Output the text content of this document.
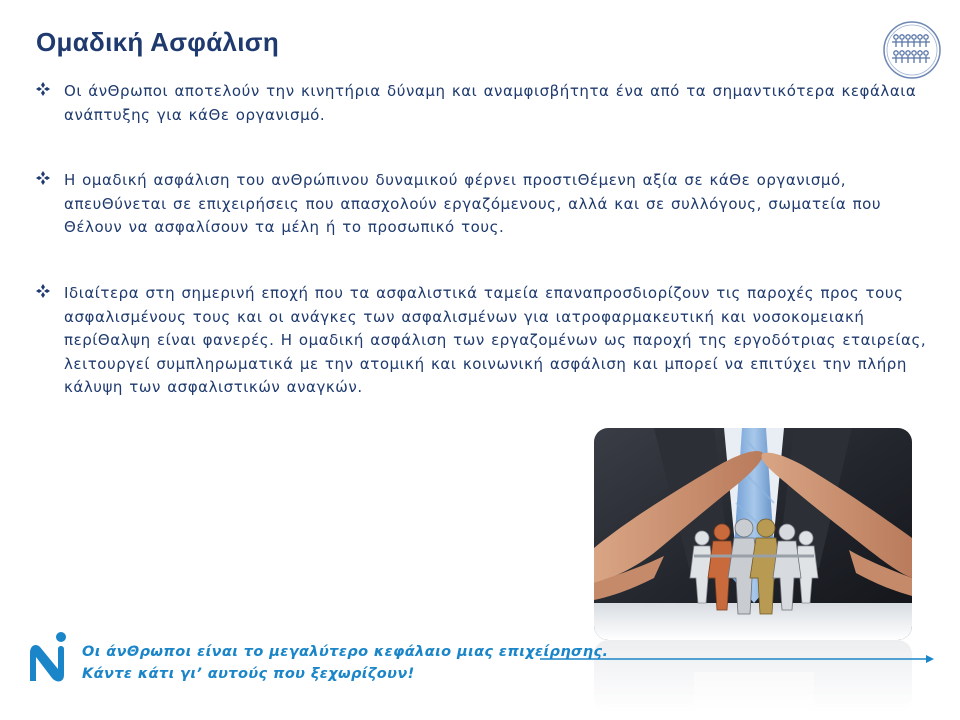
Ομαδική Ασφάλιση

Οι άνΘρωποι αποτελούν την κινητήρια δύναμη και αναμφισβήτητα ένα από τα σημαντικότερα κεφάλαια ανάπτυξης για κάΘε οργανισμό.

Η ομαδική ασφάλιση του ανΘρώπινου δυναμικού φέρνει προστιΘέμενη αξία σε κάΘε οργανισμό, απευΘύνεται σε επιχειρήσεις που απασχολούν εργαζόμενους, αλλά και σε συλλόγους, σωματεία που Θέλουν να ασφαλίσουν τα μέλη ή το προσωπικό τους.

Ιδιαίτερα στη σημερινή εποχή που τα ασφαλιστικά ταμεία επαναπροσδιορίζουν τις παροχές προς τους ασφαλισμένους τους και οι ανάγκες των ασφαλισμένων για ιατροφαρμακευτική και νοσοκομειακή περίΘαλψη είναι φανερές. Η ομαδική ασφάλιση των εργαζομένων ως παροχή της εργοδότριας εταιρείας, λειτουργεί συμπληρωματικά με την ατομική και κοινωνική ασφάλιση και μπορεί να επιτύχει την πλήρη κάλυψη των ασφαλιστικών αναγκών.

Οι άνΘρωποι είναι το μεγαλύτερο κεφάλαιο μιας επιχείρησης.
Κάντε κάτι γι’ αυτούς που ξεχωρίζουν!
